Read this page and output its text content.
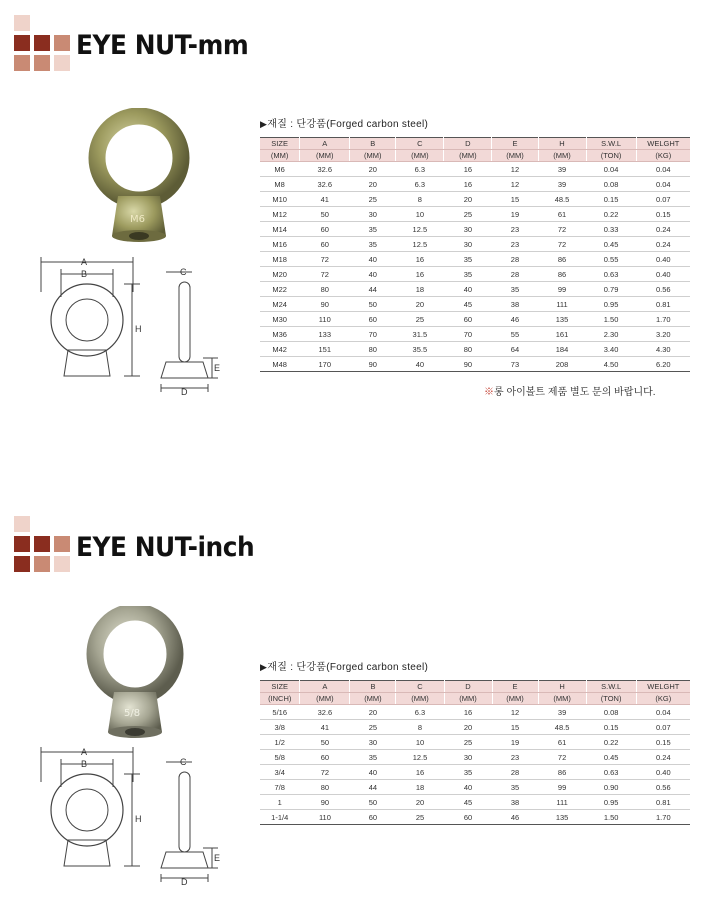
EYE NUT-mm
M6
A
B
H
C
E
D
▶재질 : 단강품(Forged carbon steel)
SIZE	A	B	C	D	E	H	S.W.L	WELGHT
(MM)	(MM)	(MM)	(MM)	(MM)	(MM)	(MM)	(TON)	(KG)
M6	32.6	20	6.3	16	12	39	0.04	0.04
M8	32.6	20	6.3	16	12	39	0.08	0.04
M10	41	25	8	20	15	48.5	0.15	0.07
M12	50	30	10	25	19	61	0.22	0.15
M14	60	35	12.5	30	23	72	0.33	0.24
M16	60	35	12.5	30	23	72	0.45	0.24
M18	72	40	16	35	28	86	0.55	0.40
M20	72	40	16	35	28	86	0.63	0.40
M22	80	44	18	40	35	99	0.79	0.56
M24	90	50	20	45	38	111	0.95	0.81
M30	110	60	25	60	46	135	1.50	1.70
M36	133	70	31.5	70	55	161	2.30	3.20
M42	151	80	35.5	80	64	184	3.40	4.30
M48	170	90	40	90	73	208	4.50	6.20
※롱 아이볼트 제품 별도 문의 바랍니다.
EYE NUT-inch
5/8
A
B
H
C
E
D
▶재질 : 단강품(Forged carbon steel)
SIZE	A	B	C	D	E	H	S.W.L	WELGHT
(INCH)	(MM)	(MM)	(MM)	(MM)	(MM)	(MM)	(TON)	(KG)
5/16	32.6	20	6.3	16	12	39	0.08	0.04
3/8	41	25	8	20	15	48.5	0.15	0.07
1/2	50	30	10	25	19	61	0.22	0.15
5/8	60	35	12.5	30	23	72	0.45	0.24
3/4	72	40	16	35	28	86	0.63	0.40
7/8	80	44	18	40	35	99	0.90	0.56
1	90	50	20	45	38	111	0.95	0.81
1-1/4	110	60	25	60	46	135	1.50	1.70
